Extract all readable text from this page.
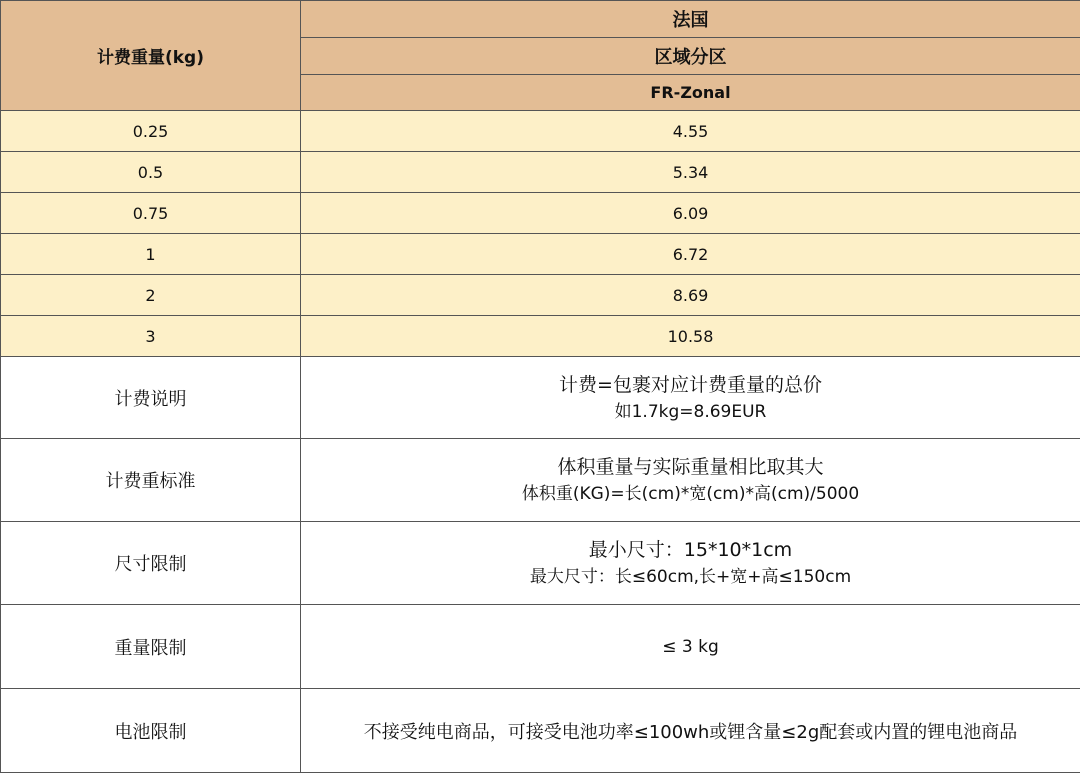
计费重量(kg)	法国
	区域分区
	FR-Zonal
0.25	4.55
0.5	5.34
0.75	6.09
1	6.72
2	8.69
3	10.58
计费说明	计费=包裹对应计费重量的总价
如1.7kg=8.69EUR

计费重标准	体积重量与实际重量相比取其大
体积重(KG)=长(cm)*宽(cm)*高(cm)/5000

尺寸限制	最小尺寸：15*10*1cm
最大尺寸：长≤60cm,长+宽+高≤150cm

重量限制	≤ 3 kg
电池限制	不接受纯电商品，可接受电池功率≤100wh或锂含量≤2g配套或内置的锂电池商品
